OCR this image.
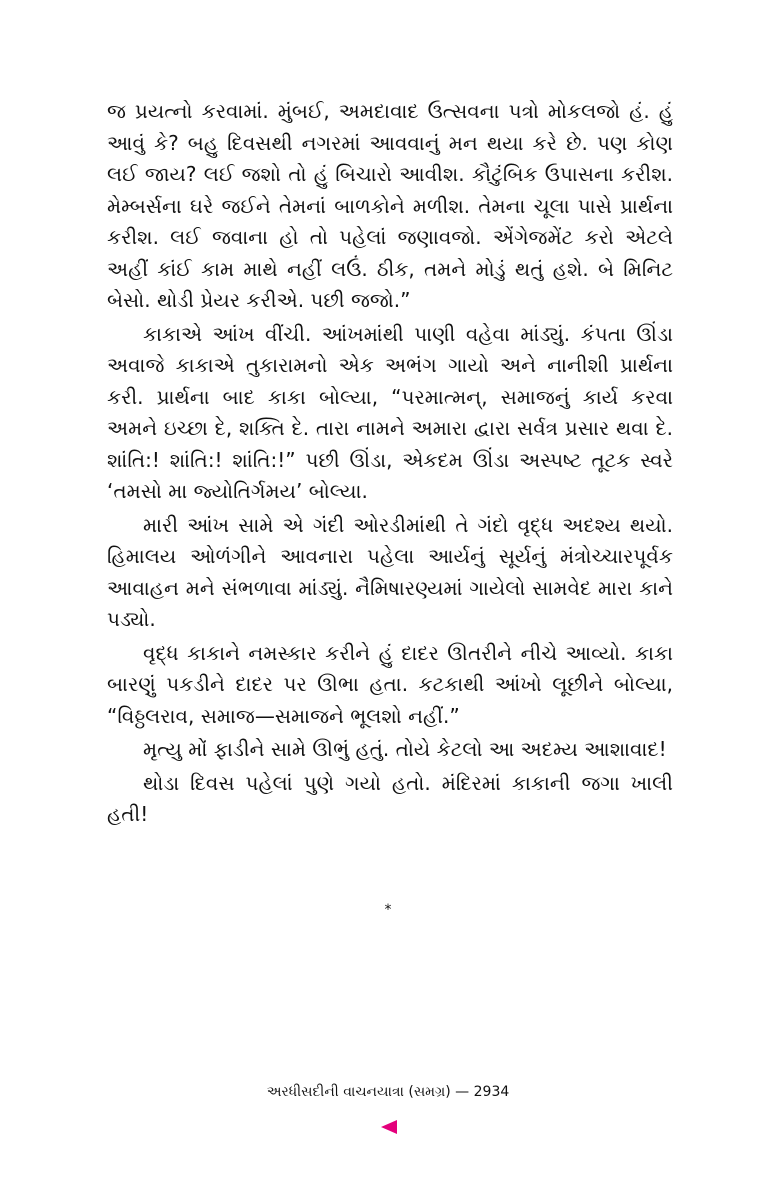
જ પ્રયત્નો કરવામાં. મુંબઈ, અમદાવાદ ઉત્સવના પત્રો મોકલજો હં. હું આવું કે? બહુ દિવસથી નગરમાં આવવાનું મન થયા કરે છે. પણ કોણ લઈ જાય? લઈ જશો તો હું બિચારો આવીશ. કૌટુંબિક ઉપાસના કરીશ. મેમ્બર્સના ઘરે જઈને તેમનાં બાળકોને મળીશ. તેમના ચૂલા પાસે પ્રાર્થના કરીશ. લઈ જવાના હો તો પહેલાં જણાવજો. એંગેજમેંટ કરો એટલે અહીં કાંઈ કામ માથે નહીં લઉં. ઠીક, તમને મોડું થતું હશે. બે મિનિટ બેસો. થોડી પ્રેયર કરીએ. પછી જજો.”

કાકાએ આંખ વીંચી. આંખમાંથી પાણી વહેવા માંડ્યું. કંપતા ઊંડા અવાજે કાકાએ તુકારામનો એક અભંગ ગાયો અને નાનીશી પ્રાર્થના કરી. પ્રાર્થના બાદ કાકા બોલ્યા, “પરમાત્મન્, સમાજનું કાર્ય કરવા અમને ઇચ્છા દે, શક્તિ દે. તારા નામને અમારા દ્વારા સર્વત્ર પ્રસાર થવા દે. શાંતિ:! શાંતિ:! શાંતિ:!” પછી ઊંડા, એકદમ ઊંડા અસ્પષ્ટ તૂટક સ્વરે ‘તમસો મા જ્યોતિર્ગમય’ બોલ્યા.

મારી આંખ સામે એ ગંદી ઓરડીમાંથી તે ગંદો વૃદ્ધ અદશ્ય થયો. હિમાલય ઓળંગીને આવનારા પહેલા આર્યનું સૂર્યનું મંત્રોચ્ચારપૂર્વક આવાહન મને સંભળાવા માંડ્યું. નૈમિષારણ્યમાં ગાયેલો સામવેદ મારા કાને પડ્યો.

વૃદ્ધ કાકાને નમસ્કાર કરીને હું દાદર ઊતરીને નીચે આવ્યો. કાકા બારણું પકડીને દાદર પર ઊભા હતા. કટકાથી આંખો લૂછીને બોલ્યા, “વિઠ્ઠલરાવ, સમાજ—સમાજને ભૂલશો નહીં.”

મૃત્યુ મોં ફાડીને સામે ઊભું હતું. તોયે કેટલો આ અદમ્ય આશાવાદ!

થોડા દિવસ પહેલાં પુણે ગયો હતો. મંદિરમાં કાકાની જગા ખાલી હતી!

*
અરધીસદીની વાચનયાત્રા (સમગ્ર) — 2934
